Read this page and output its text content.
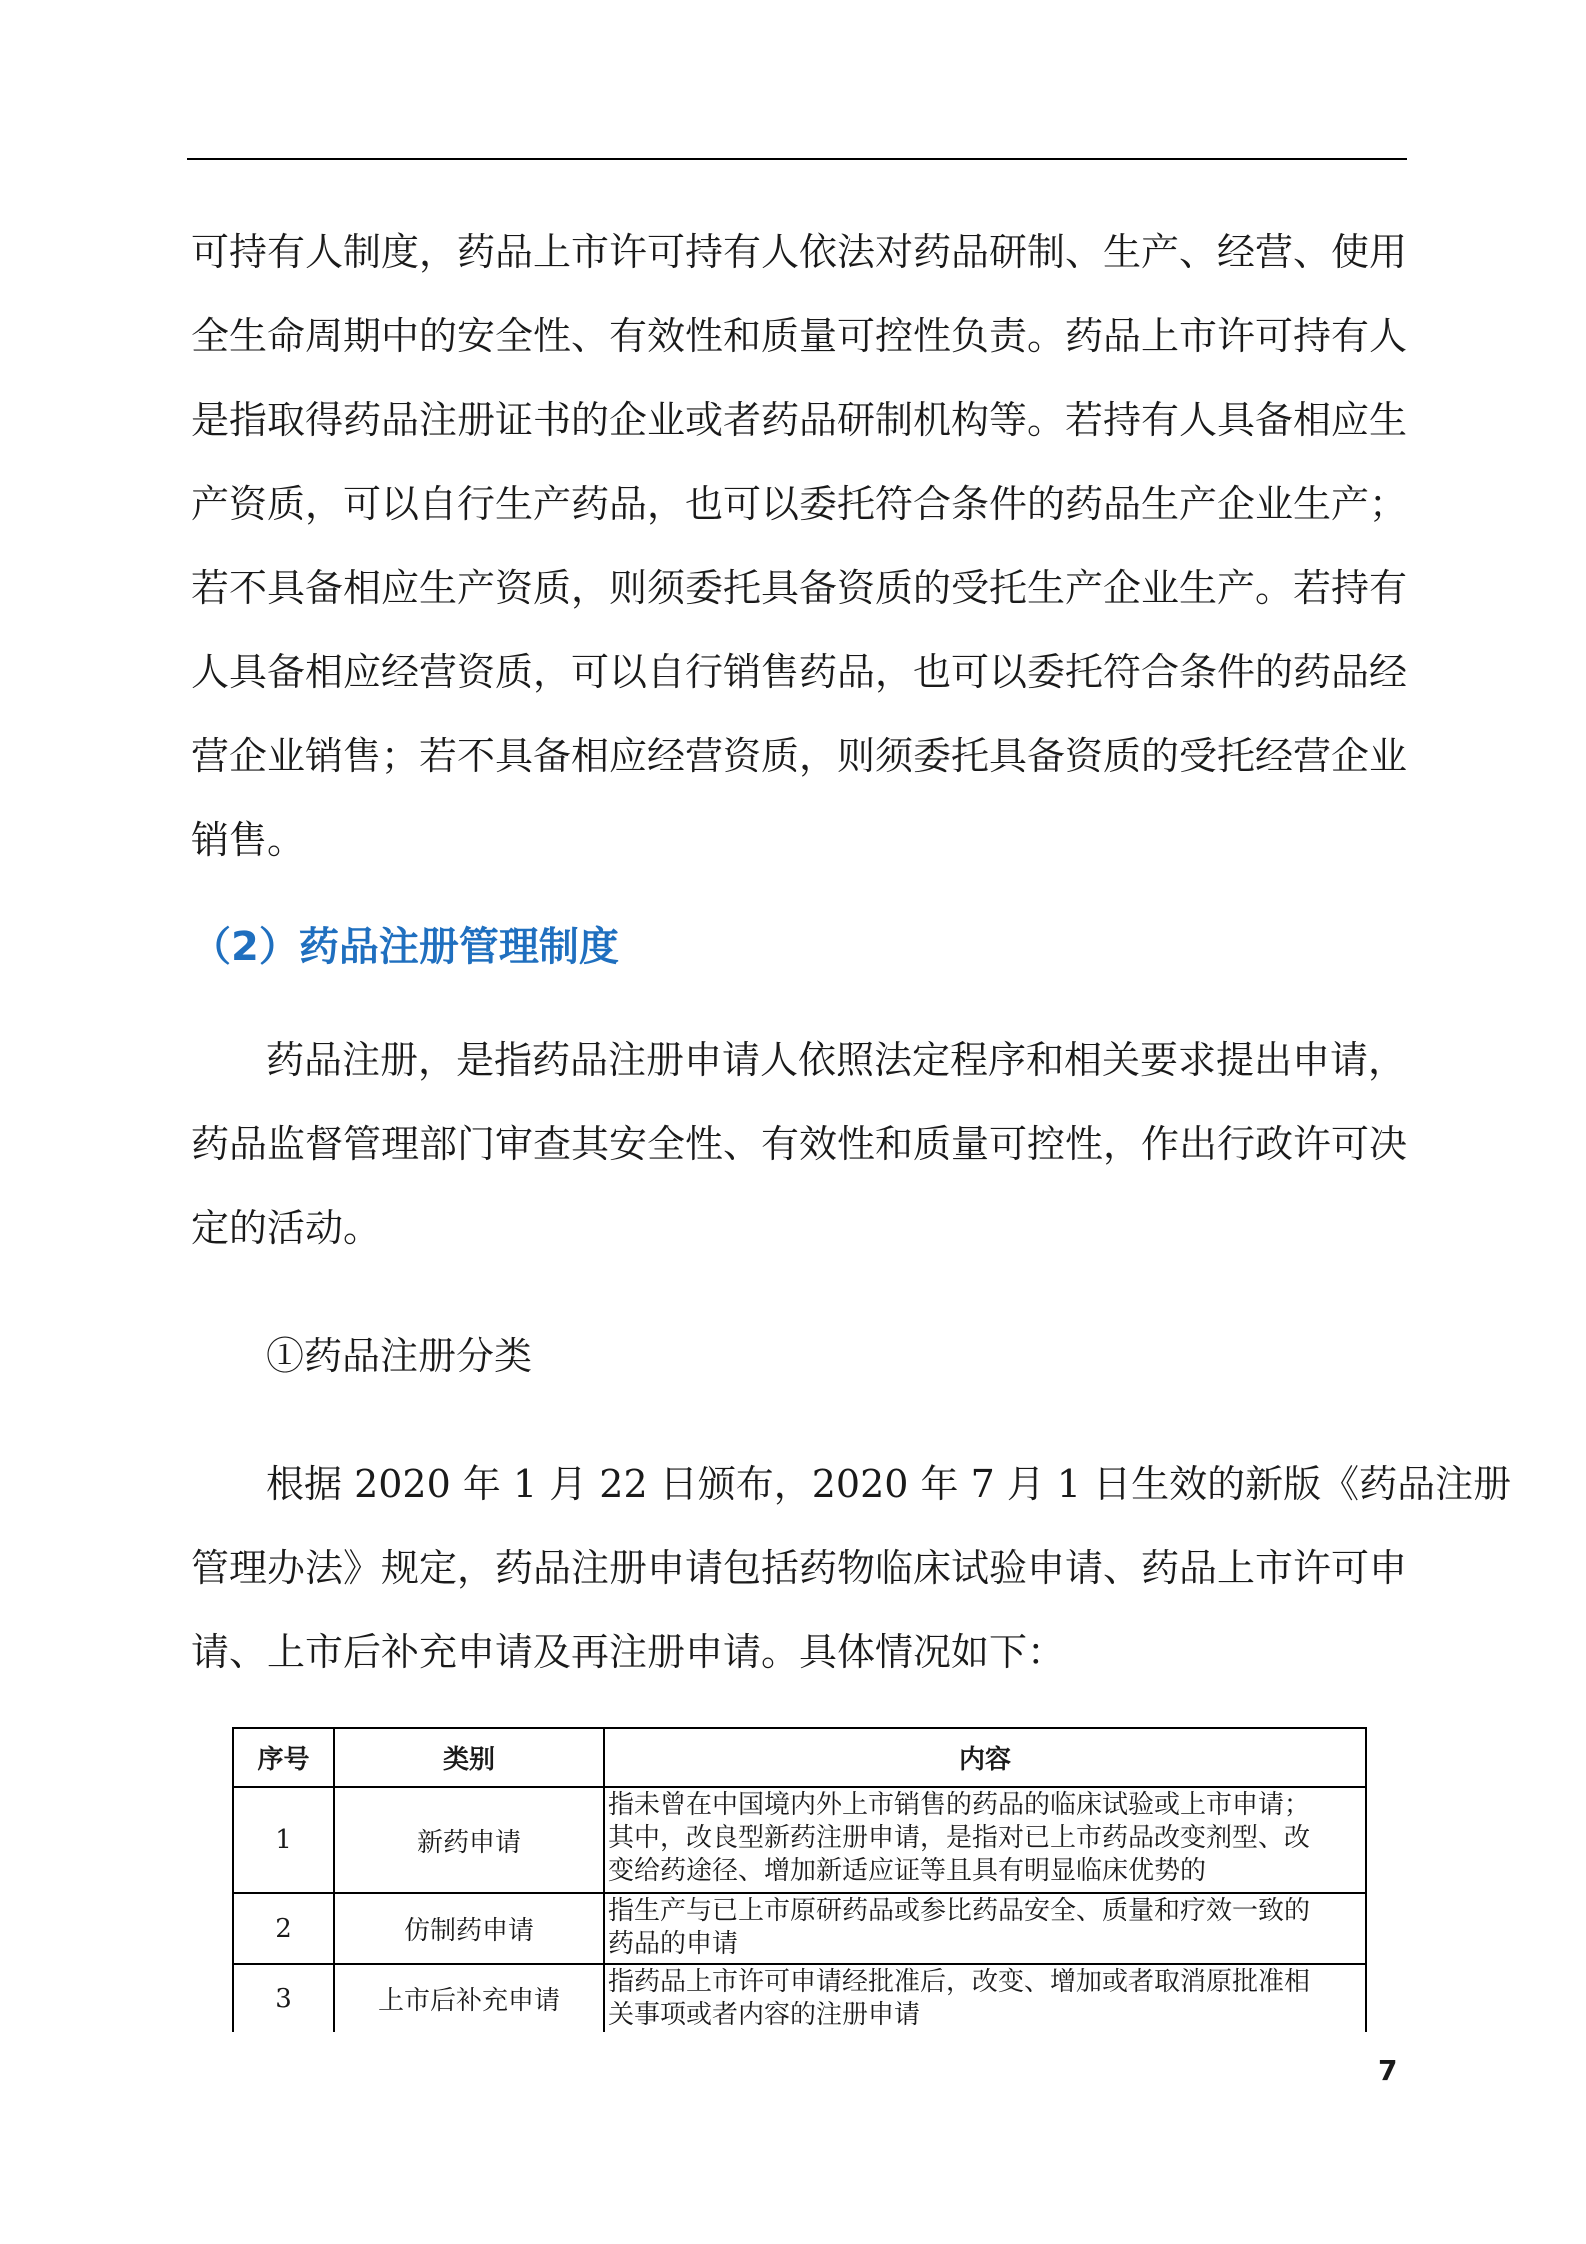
可持有人制度，药品上市许可持有人依法对药品研制、生产、经营、使用
全生命周期中的安全性、有效性和质量可控性负责。药品上市许可持有人
是指取得药品注册证书的企业或者药品研制机构等。若持有人具备相应生
产资质，可以自行生产药品，也可以委托符合条件的药品生产企业生产；
若不具备相应生产资质，则须委托具备资质的受托生产企业生产。若持有
人具备相应经营资质，可以自行销售药品，也可以委托符合条件的药品经
营企业销售；若不具备相应经营资质，则须委托具备资质的受托经营企业
销售。
（2）药品注册管理制度
药品注册，是指药品注册申请人依照法定程序和相关要求提出申请，
药品监督管理部门审查其安全性、有效性和质量可控性，作出行政许可决
定的活动。
①药品注册分类
根据 2020 年 1 月 22 日颁布，2020 年 7 月 1 日生效的新版《药品注册
管理办法》规定，药品注册申请包括药物临床试验申请、药品上市许可申
请、上市后补充申请及再注册申请。具体情况如下：
序号	类别	内容
1	新药申请	指未曾在中国境内外上市销售的药品的临床试验或上市申请；
其中，改良型新药注册申请，是指对已上市药品改变剂型、改
变给药途径、增加新适应证等且具有明显临床优势的

2	仿制药申请	指生产与已上市原研药品或参比药品安全、质量和疗效一致的
药品的申请

3	上市后补充申请	指药品上市许可申请经批准后，改变、增加或者取消原批准相
关事项或者内容的注册申请
7
